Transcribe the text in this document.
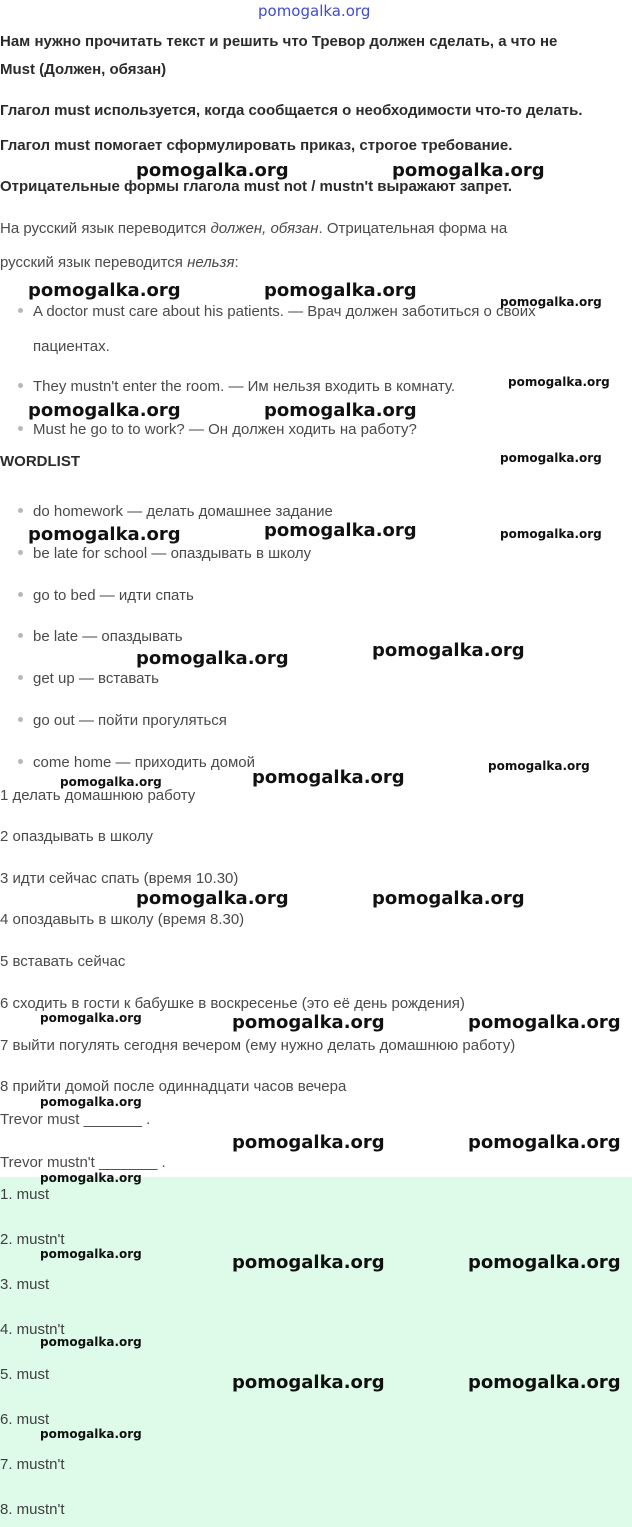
pomogalka.org
Нам нужно прочитать текст и решить что Тревор должен сделать, а что не
Must (Должен, обязан)
Глагол must используется, когда сообщается о необходимости что-то делать.
Глагол must помогает сформулировать приказ, строгое требование.
Отрицательные формы глагола must not / mustn't выражают запрет.
На русский язык переводится должен, обязан. Отрицательная форма на
русский язык переводится нельзя:
A doctor must care about his patients. — Врач должен заботиться о своих
пациентах.
They mustn't enter the room. — Им нельзя входить в комнату.
Must he go to to work? — Он должен ходить на работу?
WORDLIST
do homework — делать домашнее задание
be late for school — опаздывать в школу
go to bed — идти спать
be late — опаздывать
get up — вставать
go out — пойти прогуляться
come home — приходить домой
1 делать домашнюю работу
2 опаздывать в школу
3 идти сейчас спать (время 10.30)
4 опоздавыть в школу (время 8.30)
5 вставать сейчас
6 сходить в гости к бабушке в воскресенье (это её день рождения)
7 выйти погулять сегодня вечером (ему нужно делать домашнюю работу)
8 прийти домой после одиннадцати часов вечера
Trevor must _______ .
Trevor mustn't _______ .
1. must
2. mustn't
3. must
4. mustn't
5. must
6. must
7. mustn't
8. mustn't
pomogalka.org	pomogalka.org
pomogalka.org	pomogalka.org
pomogalka.org
pomogalka.org
pomogalka.org	pomogalka.org
pomogalka.org
pomogalka.org	pomogalka.org	pomogalka.org
pomogalka.org	pomogalka.org
pomogalka.org	pomogalka.org
pomogalka.org
pomogalka.org	pomogalka.org
pomogalka.org	pomogalka.org	pomogalka.org
pomogalka.org
pomogalka.org	pomogalka.org
pomogalka.org
pomogalka.org	pomogalka.org	pomogalka.org
pomogalka.org
pomogalka.org	pomogalka.org
pomogalka.org
